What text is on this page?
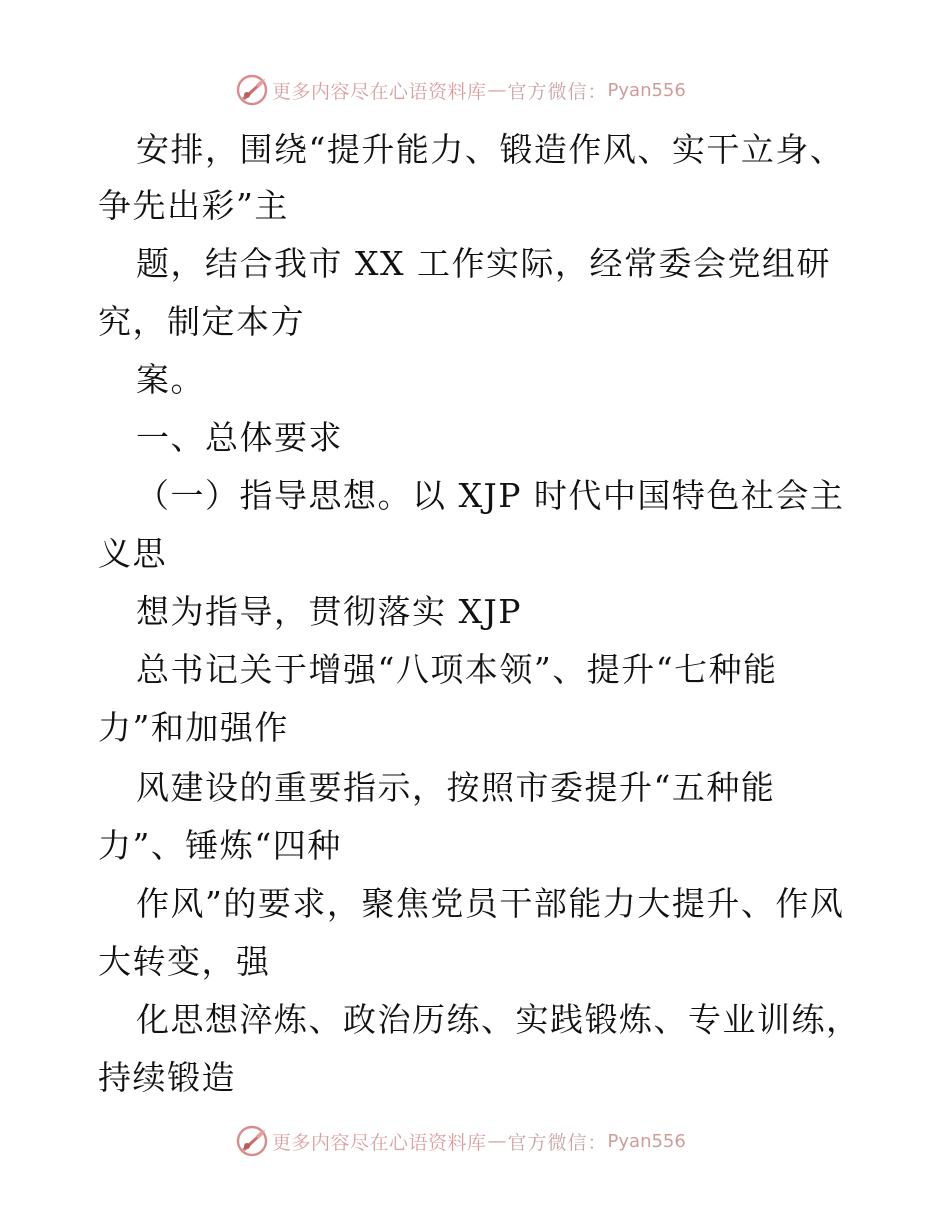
更多内容尽在心语资料库 — 官方微信： Pyan556
安排，围绕“提升能力、锻造作风、实干立身、
争先出彩”主
题，结合我市 XX 工作实际，经常委会党组研
究，制定本方
案。
一、总体要求
（一）指导思想。以 XJP 时代中国特色社会主
义思
想为指导，贯彻落实 XJP
总书记关于增强“八项本领”、提升“七种能
力”和加强作
风建设的重要指示，按照市委提升“五种能
力”、锤炼“四种
作风”的要求，聚焦党员干部能力大提升、作风
大转变，强
化思想淬炼、政治历练、实践锻炼、专业训练，
持续锻造
更多内容尽在心语资料库 — 官方微信： Pyan556
